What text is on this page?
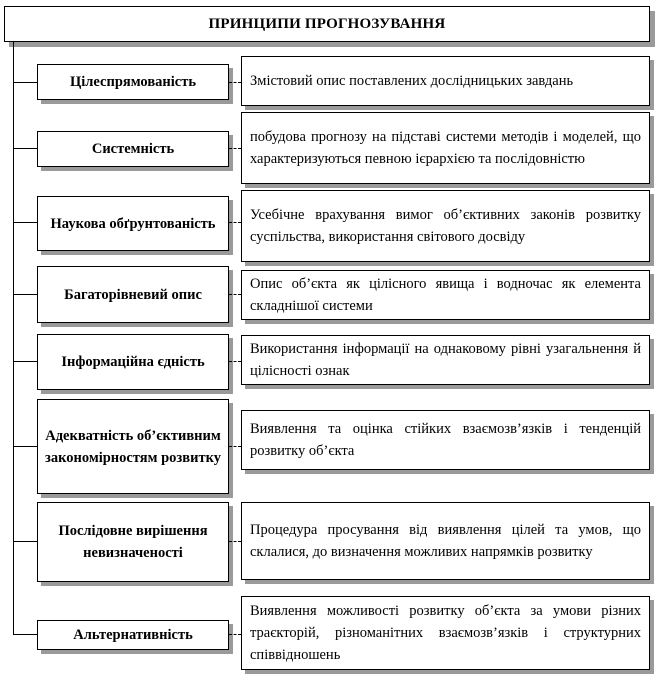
ПРИНЦИПИ ПРОГНОЗУВАННЯ
Цілеспрямованість	Змістовий опис поставлених дослідницьких завдань
Системність
побудова прогнозу на підставі системи методів і моделей, що характеризуються певною ієрархією та послідовністю
Наукова обґрунтованість
Усебічне врахування вимог об’єктивних законів розвитку суспільства, використання світового досвіду
Багаторівневий опис
Опис об’єкта як цілісного явища і водночас як елемента складнішої системи
Інформаційна єдність
Використання інформації на однаковому рівні узагальнення й цілісності ознак
Адекватність об’єктивним закономірностям розвитку
Виявлення та оцінка стійких взаємозв’язків і тенденцій розвитку об’єкта
Послідовне вирішення невизначеності
Процедура просування від виявлення цілей та умов, що склалися, до визначення можливих напрямків розвитку
Альтернативність
Виявлення можливості розвитку об’єкта за умови різних траєкторій, різноманітних взаємозв’язків і структурних співвідношень
